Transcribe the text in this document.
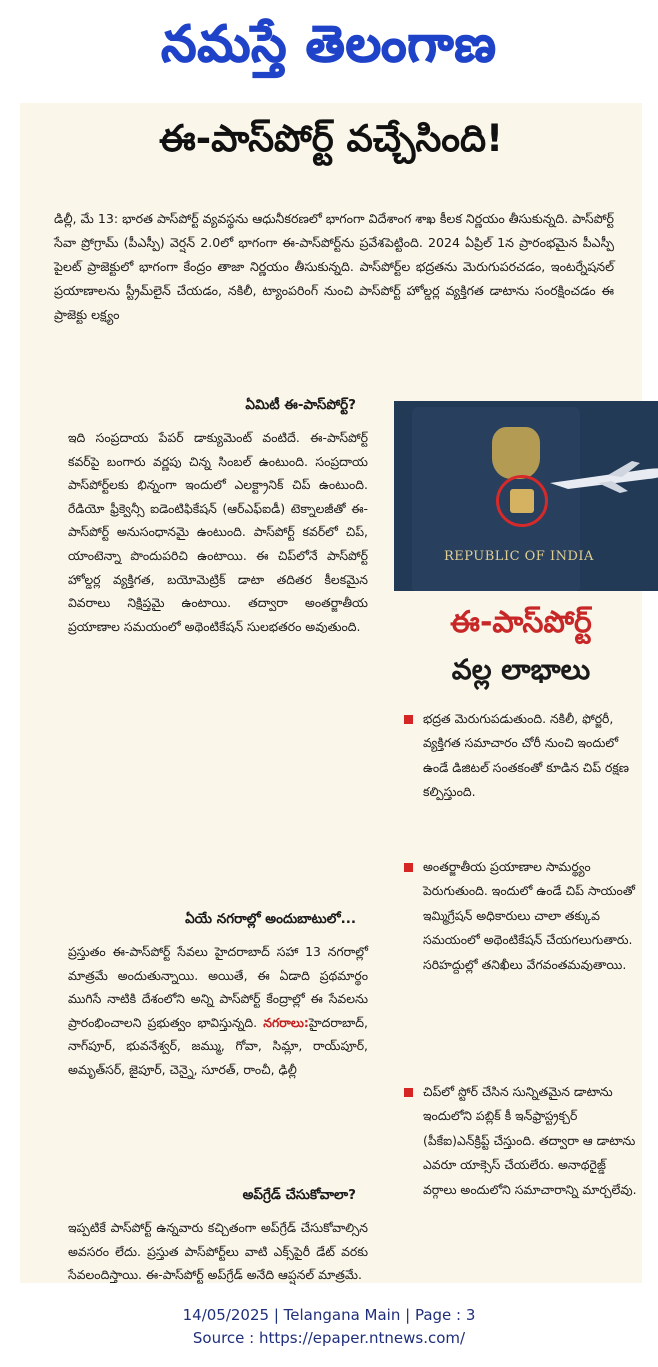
నమస్తే తెలంగాణ
ఈ-పాస్‌పోర్ట్ వచ్చేసింది!
డిల్లీ, మే 13: భారత పాస్‌పోర్ట్ వ్యవస్థను ఆధునీకరణలో భాగంగా విదేశాంగ శాఖ కీలక నిర్ణయం తీసుకున్నది. పాస్‌పోర్ట్ సేవా ప్రోగ్రామ్ (పీఎస్పీ) వెర్షన్ 2.0లో భాగంగా ఈ-పాస్‌పోర్ట్‌ను ప్రవేశపెట్టింది. 2024 ఏప్రిల్ 1న ప్రారంభమైన పీఎస్పీ పైలట్ ప్రాజెక్టులో భాగంగా కేంద్రం తాజా నిర్ణయం తీసుకున్నది. పాస్‌పోర్ట్‌ల భద్రతను మెరుగుపరచడం, ఇంటర్నేషనల్ ప్రయాణాలను స్ట్రీమ్‌లైన్ చేయడం, నకిలీ, ట్యాంపరింగ్ నుంచి పాస్‌పోర్ట్ హోల్డర్ల వ్యక్తిగత డాటాను సంరక్షించడం ఈ ప్రాజెక్టు లక్ష్యం
ఏమిటీ ఈ-పాస్‌పోర్ట్?
ఇది సంప్రదాయ పేపర్ డాక్యుమెంట్ వంటిదే. ఈ-పాస్‌పోర్ట్ కవర్‌పై బంగారు వర్ణపు చిన్న సింబల్ ఉంటుంది. సంప్రదాయ పాస్‌పోర్ట్‌లకు భిన్నంగా ఇందులో ఎలక్ట్రానిక్ చిప్ ఉంటుంది. రేడియో ఫ్రీక్వెన్సీ ఐడెంటిఫికేషన్ (ఆర్ఎఫ్ఐడీ) టెక్నాలజీతో ఈ-పాస్‌పోర్ట్ అనుసంధానమై ఉంటుంది. పాస్‌పోర్ట్ కవర్‌లో చిప్, యాంటెన్నా పొందుపరిచి ఉంటాయి. ఈ చిప్‌లోనే పాస్‌పోర్ట్ హోల్డర్ల వ్యక్తిగత, బయోమెట్రిక్ డాటా తదితర కీలకమైన వివరాలు నిక్షిప్తమై ఉంటాయి. తద్వారా అంతర్జాతీయ ప్రయాణాల సమయంలో అథెంటికేషన్ సులభతరం అవుతుంది.
ఏయే నగరాల్లో అందుబాటులో...
ప్రస్తుతం ఈ-పాస్‌పోర్ట్ సేవలు హైదరాబాద్ సహా 13 నగరాల్లో మాత్రమే అందుతున్నాయి. అయితే, ఈ ఏడాది ప్రథమార్థం ముగిసే నాటికి దేశంలోని అన్ని పాస్‌పోర్ట్ కేంద్రాల్లో ఈ సేవలను ప్రారంభించాలని ప్రభుత్వం భావిస్తున్నది. నగరాలు:హైదరాబాద్, నాగ్‌పూర్, భువనేశ్వర్, జమ్ము, గోవా, సిమ్లా, రాయ్‌పూర్, అమృత్‌సర్, జైపూర్, చెన్నై, సూరత్, రాంచీ, ఢిల్లీ
అప్‌గ్రేడ్ చేసుకోవాలా?
ఇప్పటికే పాస్‌పోర్ట్ ఉన్నవారు కచ్చితంగా అప్‌గ్రేడ్ చేసుకోవాల్సిన అవసరం లేదు. ప్రస్తుత పాస్‌పోర్ట్‌లు వాటి ఎక్స్‌పైరీ డేట్ వరకు సేవలందిస్తాయి. ఈ-పాస్‌పోర్ట్ అప్‌గ్రేడ్ అనేది ఆప్షనల్ మాత్రమే.
REPUBLIC OF INDIA
ఈ-పాస్‌పోర్ట్
వల్ల లాభాలు
భద్రత మెరుగుపడుతుంది. నకిలీ, ఫోర్జరీ, వ్యక్తిగత సమాచారం చోరీ నుంచి ఇందులో ఉండే డిజిటల్ సంతకంతో కూడిన చిప్ రక్షణ కల్పిస్తుంది.
అంతర్జాతీయ ప్రయాణాల సామర్థ్యం పెరుగుతుంది. ఇందులో ఉండే చిప్ సాయంతో ఇమ్మిగ్రేషన్ అధికారులు చాలా తక్కువ సమయంలో అథెంటికేషన్ చేయగలుగుతారు. సరిహద్దుల్లో తనిఖీలు వేగవంతమవుతాయి.
చిప్‌లో స్టోర్ చేసిన సున్నితమైన డాటాను ఇందులోని పబ్లిక్ కీ ఇన్‌ఫ్రాస్ట్రక్చర్ (పీకేఐ)ఎన్‌క్రిప్ట్ చేస్తుంది. తద్వారా ఆ డాటాను ఎవరూ యాక్సెస్ చేయలేరు. అనాథరైజ్డ్ వర్గాలు అందులోని సమాచారాన్ని మార్చలేవు.
14/05/2025 | Telangana Main | Page : 3
Source : https://epaper.ntnews.com/
